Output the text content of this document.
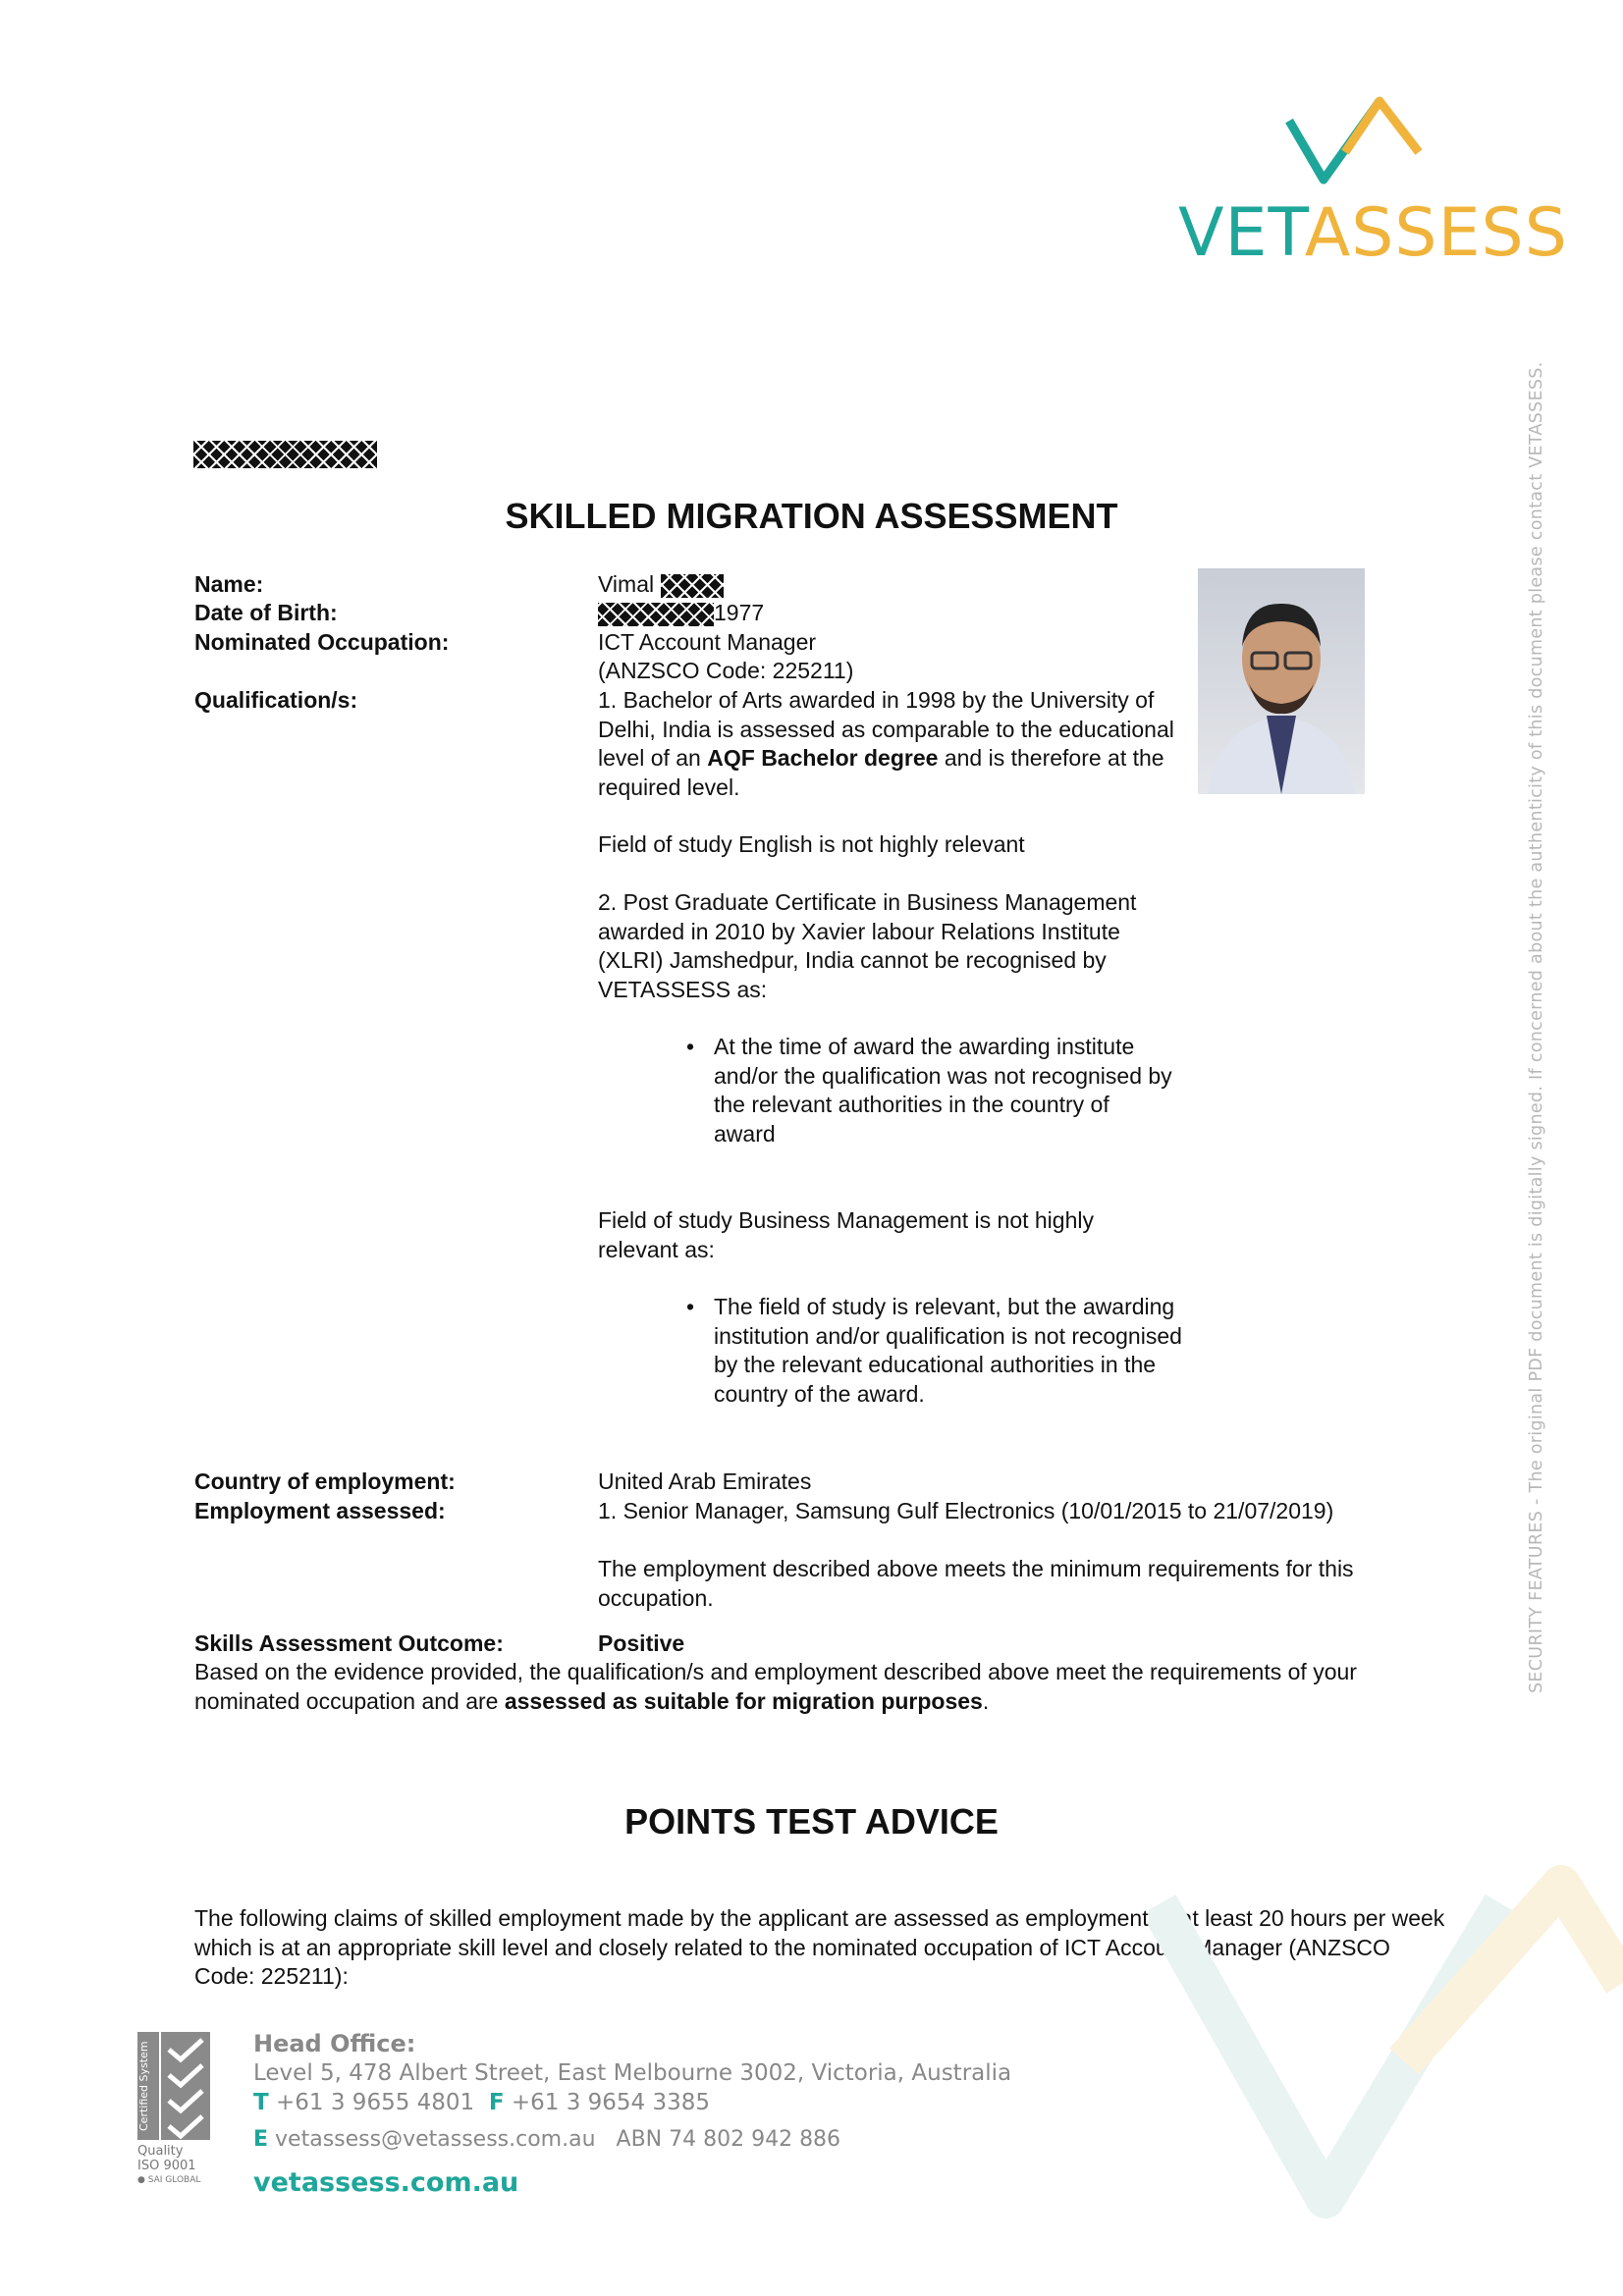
VETASSESS
SKILLED MIGRATION ASSESSMENT
Name:	Vimal
Date of Birth:	1977
Nominated Occupation:	ICT Account Manager
(ANZSCO Code: 225211)
Qualification/s:	1. Bachelor of Arts awarded in 1998 by the University of Delhi, India is assessed as comparable to the educational level of an AQF Bachelor degree and is therefore at the required level.
Field of study English is not highly relevant
2. Post Graduate Certificate in Business Management awarded in 2010 by Xavier labour Relations Institute (XLRI) Jamshedpur, India cannot be recognised by VETASSESS as:
• At the time of award the awarding institute and/or the qualification was not recognised by the relevant authorities in the country of award
Field of study Business Management is not highly relevant as:
• The field of study is relevant, but the awarding institution and/or qualification is not recognised by the relevant educational authorities in the country of the award.
Country of employment:	United Arab Emirates
Employment assessed:	1. Senior Manager, Samsung Gulf Electronics (10/01/2015 to 21/07/2019)
The employment described above meets the minimum requirements for this occupation.
Skills Assessment Outcome:	Positive
Based on the evidence provided, the qualification/s and employment described above meet the requirements of your nominated occupation and are assessed as suitable for migration purposes.
POINTS TEST ADVICE
The following claims of skilled employment made by the applicant are assessed as employment of at least 20 hours per week which is at an appropriate skill level and closely related to the nominated occupation of ICT Account Manager (ANZSCO Code: 225211):
SECURITY FEATURES - The original PDF document is digitally signed. If concerned about the authenticity of this document please contact VETASSESS.
Certified System
Quality
ISO 9001
● SAI GLOBAL
Head Office:
Level 5, 478 Albert Street, East Melbourne 3002, Victoria, Australia
T +61 3 9655 4801 F +61 3 9654 3385
E vetassess@vetassess.com.au ABN 74 802 942 886
vetassess.com.au
